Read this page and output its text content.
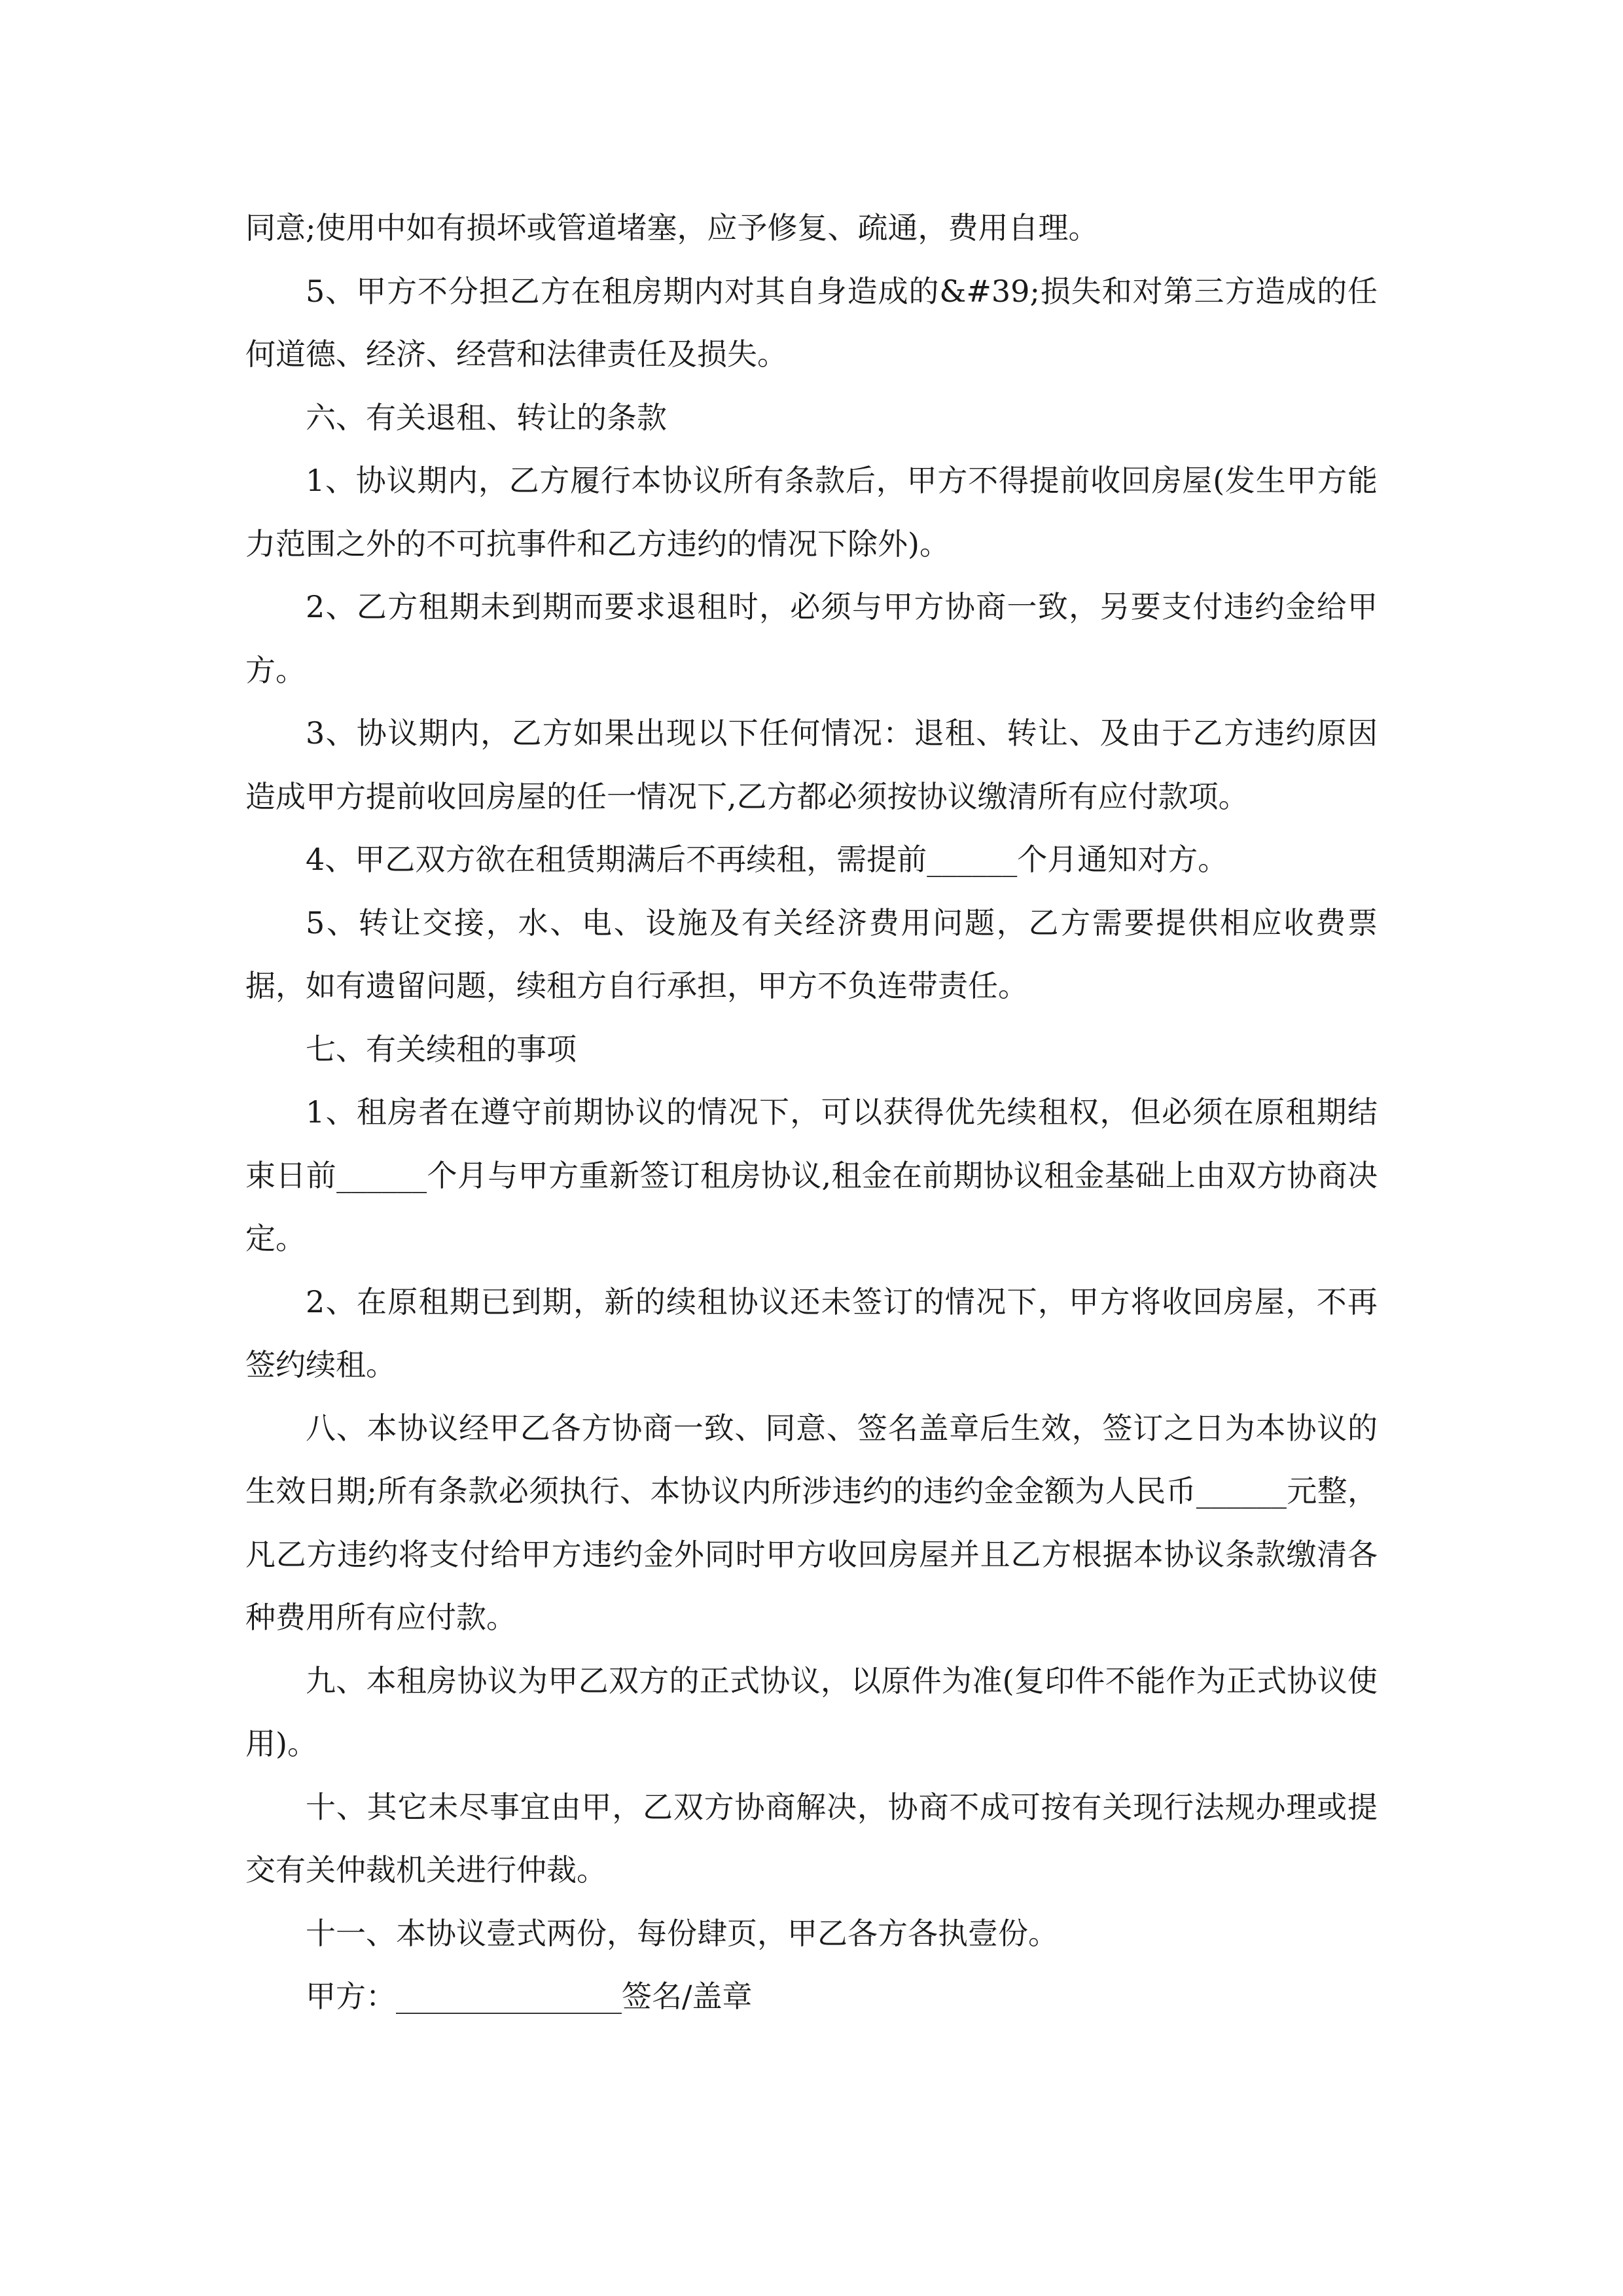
同意;使用中如有损坏或管道堵塞，应予修复、疏通，费用自理。

5、甲方不分担乙方在租房期内对其自身造成的&#39;损失和对第三方造成的任何道德、经济、经营和法律责任及损失。

六、有关退租、转让的条款

1、协议期内，乙方履行本协议所有条款后，甲方不得提前收回房屋(发生甲方能力范围之外的不可抗事件和乙方违约的情况下除外)。

2、乙方租期未到期而要求退租时，必须与甲方协商一致，另要支付违约金给甲方。

3、协议期内，乙方如果出现以下任何情况：退租、转让、及由于乙方违约原因造成甲方提前收回房屋的任一情况下,乙方都必须按协议缴清所有应付款项。

4、甲乙双方欲在租赁期满后不再续租，需提前______个月通知对方。

5、转让交接，水、电、设施及有关经济费用问题，乙方需要提供相应收费票据，如有遗留问题，续租方自行承担，甲方不负连带责任。

七、有关续租的事项

1、租房者在遵守前期协议的情况下，可以获得优先续租权，但必须在原租期结束日前______个月与甲方重新签订租房协议,租金在前期协议租金基础上由双方协商决定。

2、在原租期已到期，新的续租协议还未签订的情况下，甲方将收回房屋，不再签约续租。

八、本协议经甲乙各方协商一致、同意、签名盖章后生效，签订之日为本协议的生效日期;所有条款必须执行、本协议内所涉违约的违约金金额为人民币______元整，凡乙方违约将支付给甲方违约金外同时甲方收回房屋并且乙方根据本协议条款缴清各种费用所有应付款。

九、本租房协议为甲乙双方的正式协议，以原件为准(复印件不能作为正式协议使用)。

十、其它未尽事宜由甲，乙双方协商解决，协商不成可按有关现行法规办理或提交有关仲裁机关进行仲裁。

十一、本协议壹式两份，每份肆页，甲乙各方各执壹份。

甲方：_______________签名/盖章
